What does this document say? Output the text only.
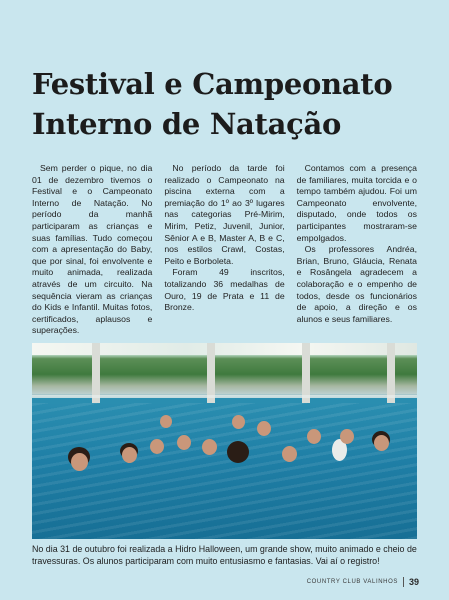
Festival e Campeonato
Interno de Natação

Sem perder o pique, no dia 01 de dezembro tivemos o Festival e o Campeonato Interno de Natação. No período da manhã participaram as crianças e suas famílias. Tudo começou com a apresentação do Baby, que por sinal, foi envolvente e muito animada, realizada através de um circuito. Na sequência vieram as crianças do Kids e Infantil. Muitas fotos, certificados, aplausos e superações.

No período da tarde foi realizado o Campeonato na piscina externa com a premiação do 1º ao 3º lugares nas categorias Pré-Mirim, Mirim, Petiz, Juvenil, Junior, Sênior A e B, Master A, B e C, nos estilos Crawl, Costas, Peito e Borboleta.

Foram 49 inscritos, totalizando 36 medalhas de Ouro, 19 de Prata e 11 de Bronze.

Contamos com a presença de familiares, muita torcida e o tempo também ajudou. Foi um Campeonato envolvente, disputado, onde todos os participantes mostraram-se empolgados.

Os professores Andréa, Brian, Bruno, Gláucia, Renata e Rosângela agradecem a colaboração e o empenho de todos, desde os funcionários de apoio, a direção e os alunos e seus familiares.

No dia 31 de outubro foi realizada a Hidro Halloween, um grande show, muito animado e cheio de travessuras. Os alunos participaram com muito entusiasmo e fantasias. Vai aí o registro!

COUNTRY CLUB VALINHOS 39
